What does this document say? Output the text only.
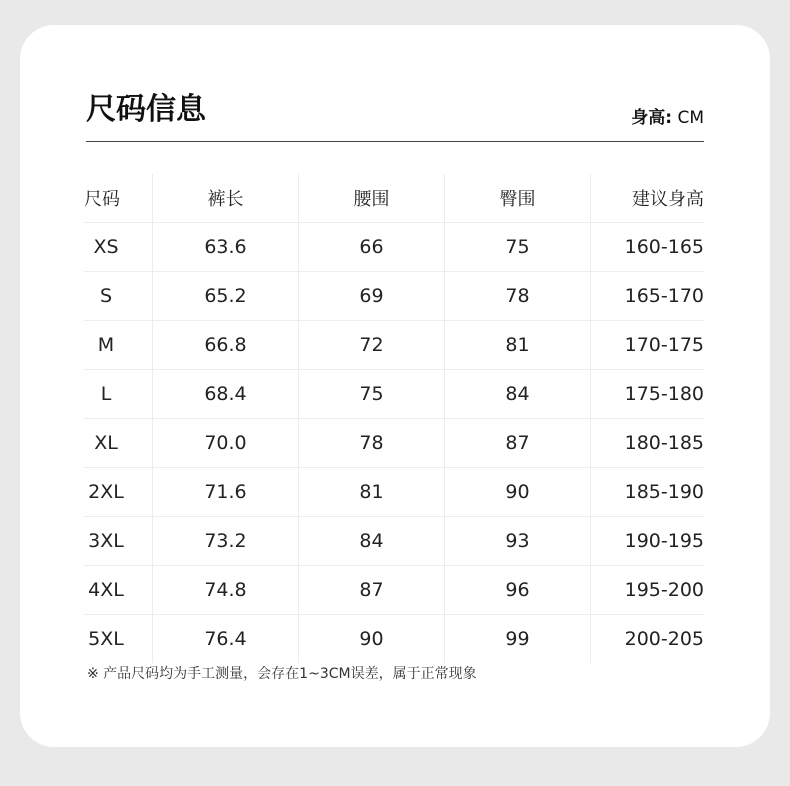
尺码信息	身高: CM
尺码	裤长	腰围	臀围	建议身高
XS	63.6	66	75	160-165
S	65.2	69	78	165-170
M	66.8	72	81	170-175
L	68.4	75	84	175-180
XL	70.0	78	87	180-185
2XL	71.6	81	90	185-190
3XL	73.2	84	93	190-195
4XL	74.8	87	96	195-200
5XL	76.4	90	99	200-205
※ 产品尺码均为手工测量，会存在1~3CM误差，属于正常现象
